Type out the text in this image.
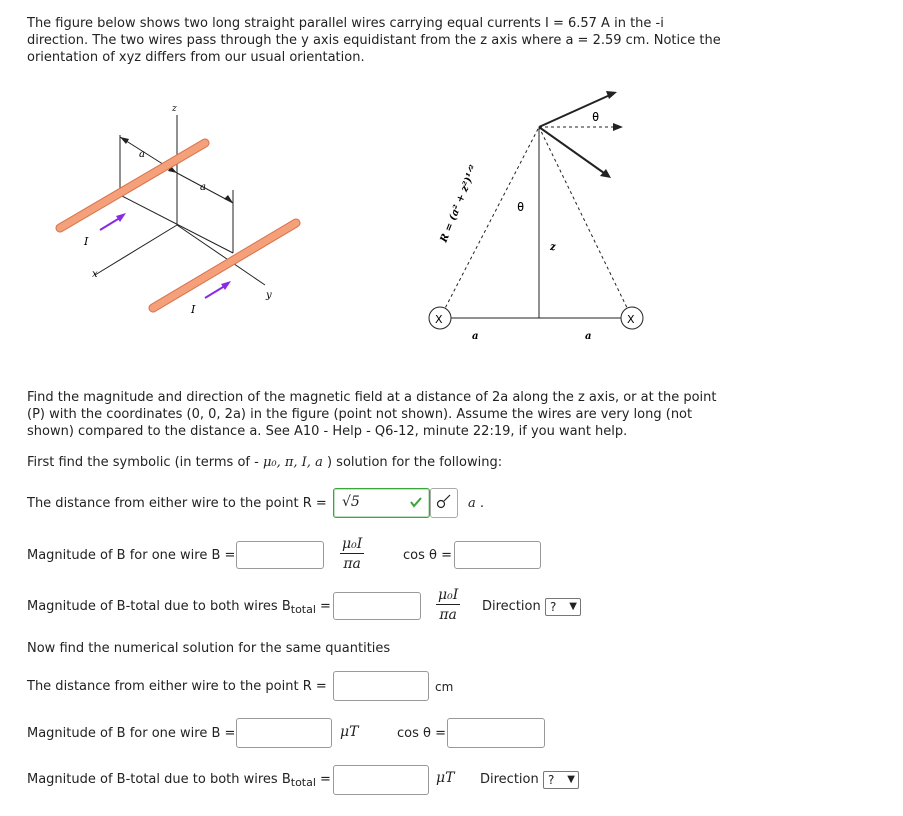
The figure below shows two long straight parallel wires carrying equal currents I = 6.57 A in the -i
direction. The two wires pass through the y axis equidistant from the z axis where a = 2.59 cm. Notice the
orientation of xyz differs from our usual orientation.
z
a
a
I
I
x
y
X	X
θ
θ
z
a	a
R = (a² + z²)¹ᐟ²
Find the magnitude and direction of the magnetic field at a distance of 2a along the z axis, or at the point
(P) with the coordinates (0, 0, 2a) in the figure (point not shown). Assume the wires are very long (not
shown) compared to the distance a. See A10 - Help - Q6-12, minute 22:19, if you want help.
First find the symbolic (in terms of - μ₀, π, I, a ) solution for the following:
The distance from either wire to the point R = √5	a .
Magnitude of B for one wire B =	$\frac{\text{μ₀I}}{\pi a}$	cos θ =
Magnitude of B-total due to both wires $B_{total}$ =	$\frac{\text{μ₀I}}{\pi a}$ Direction ? ▼
Now find the numerical solution for the same quantities
The distance from either wire to the point R =	cm
Magnitude of B for one wire B =	μT	cos θ =
Magnitude of B-total due to both wires $B_{total}$ =	μT Direction ? ▼
